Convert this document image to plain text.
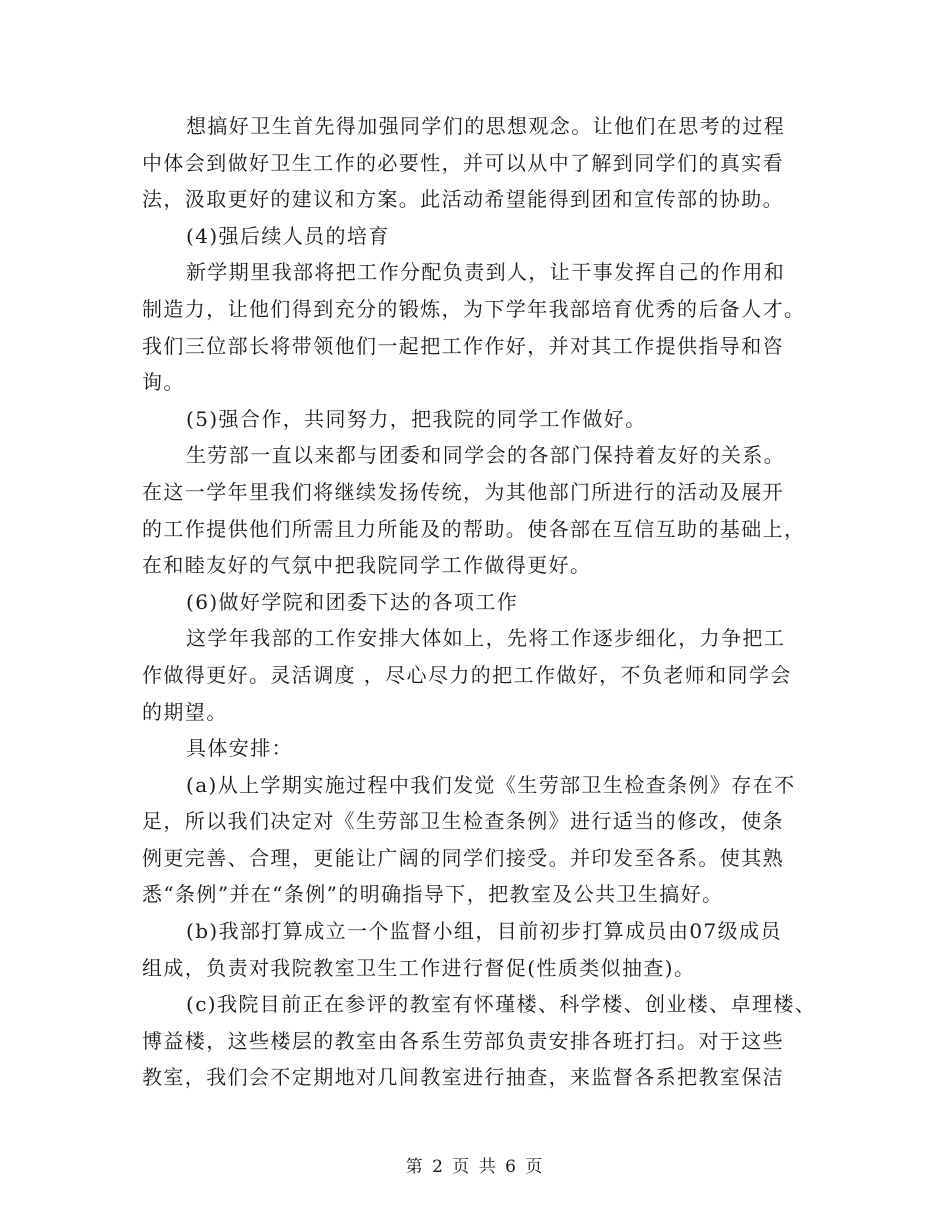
想搞好卫生首先得加强同学们的思想观念。让他们在思考的过程
中体会到做好卫生工作的必要性，并可以从中了解到同学们的真实看
法，汲取更好的建议和方案。此活动希望能得到团和宣传部的协助。
(4)强后续人员的培育
新学期里我部将把工作分配负责到人，让干事发挥自己的作用和
制造力，让他们得到充分的锻炼，为下学年我部培育优秀的后备人才。
我们三位部长将带领他们一起把工作作好，并对其工作提供指导和咨
询。
(5)强合作，共同努力，把我院的同学工作做好。
生劳部一直以来都与团委和同学会的各部门保持着友好的关系。
在这一学年里我们将继续发扬传统，为其他部门所进行的活动及展开
的工作提供他们所需且力所能及的帮助。使各部在互信互助的基础上，
在和睦友好的气氛中把我院同学工作做得更好。
(6)做好学院和团委下达的各项工作
这学年我部的工作安排大体如上，先将工作逐步细化，力争把工
作做得更好。灵活调度 ，尽心尽力的把工作做好，不负老师和同学会
的期望。
具体安排：
(a)从上学期实施过程中我们发觉《生劳部卫生检查条例》存在不
足，所以我们决定对《生劳部卫生检查条例》进行适当的修改，使条
例更完善、合理，更能让广阔的同学们接受。并印发至各系。使其熟
悉“条例”并在“条例”的明确指导下，把教室及公共卫生搞好。
(b)我部打算成立一个监督小组，目前初步打算成员由07级成员
组成，负责对我院教室卫生工作进行督促(性质类似抽查)。
(c)我院目前正在参评的教室有怀瑾楼、科学楼、创业楼、卓理楼、
博益楼，这些楼层的教室由各系生劳部负责安排各班打扫。对于这些
教室，我们会不定期地对几间教室进行抽查，来监督各系把教室保洁
第 2 页 共 6 页
